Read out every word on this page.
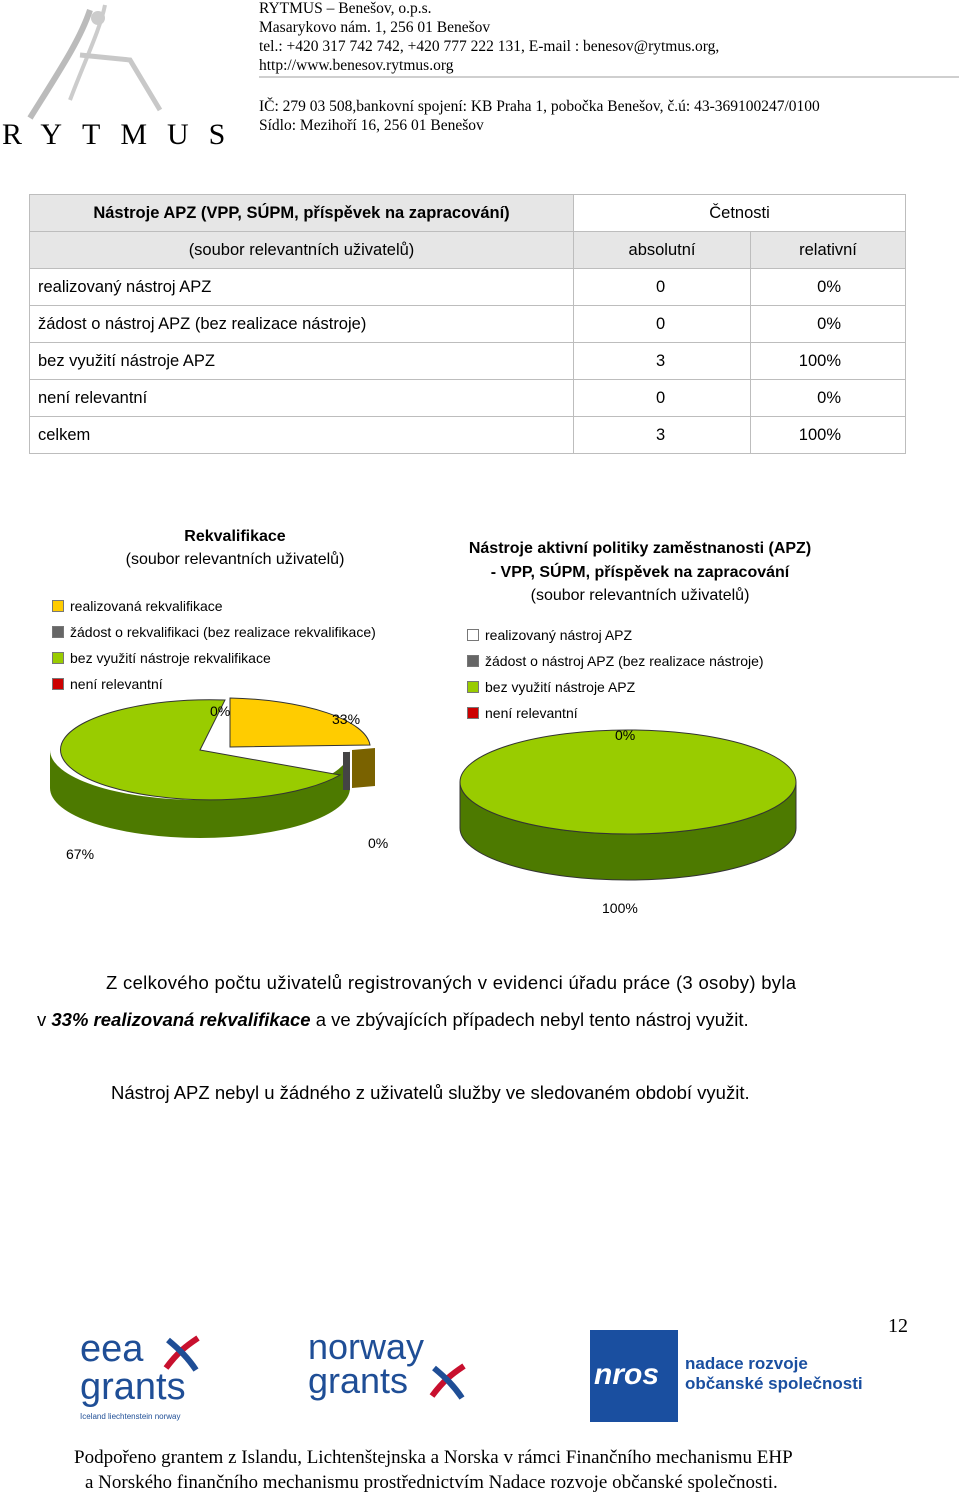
RYTMUS
RYTMUS – Benešov, o.p.s.
Masarykovo nám. 1, 256 01 Benešov
tel.: +420 317 742 742, +420 777 222 131, E-mail : benesov@rytmus.org,
http://www.benesov.rytmus.org
IČ: 279 03 508,bankovní spojení: KB Praha 1, pobočka Benešov, č.ú: 43-369100247/0100
Sídlo: Mezihoří 16, 256 01 Benešov
Nástroje APZ (VPP, SÚPM, příspěvek na zapracování)	Četnosti	
(soubor relevantních uživatelů)	absolutní	relativní
realizovaný nástroj APZ	0	0%
žádost o nástroj APZ (bez realizace nástroje)	0	0%
bez využití nástroje APZ	3	100%
není relevantní	0	0%
celkem	3	100%
Rekvalifikace
(soubor relevantních uživatelů)
realizovaná rekvalifikace
žádost o rekvalifikaci (bez realizace rekvalifikace)
bez využití nástroje rekvalifikace
není relevantní
0%	33%
67%
0%
Nástroje aktivní politiky zaměstnanosti (APZ)
- VPP, SÚPM, příspěvek na zapracování
(soubor relevantních uživatelů)
realizovaný nástroj APZ
žádost o nástroj APZ (bez realizace nástroje)
bez využití nástroje APZ
není relevantní
0%
100%
Z celkového počtu uživatelů registrovaných v evidenci úřadu práce (3 osoby) byla
v 33% realizovaná rekvalifikace a ve zbývajících případech nebyl tento nástroj využit.
Nástroj APZ nebyl u žádného z uživatelů služby ve sledovaném období využit.
12
eea
grants
Iceland liechtenstein norway
norway
grants	nros nadace rozvoje
občanské společnosti
Podpořeno grantem z Islandu, Lichtenštejnska a Norska v rámci Finančního mechanismu EHP
a Norského finančního mechanismu prostřednictvím Nadace rozvoje občanské společnosti.
